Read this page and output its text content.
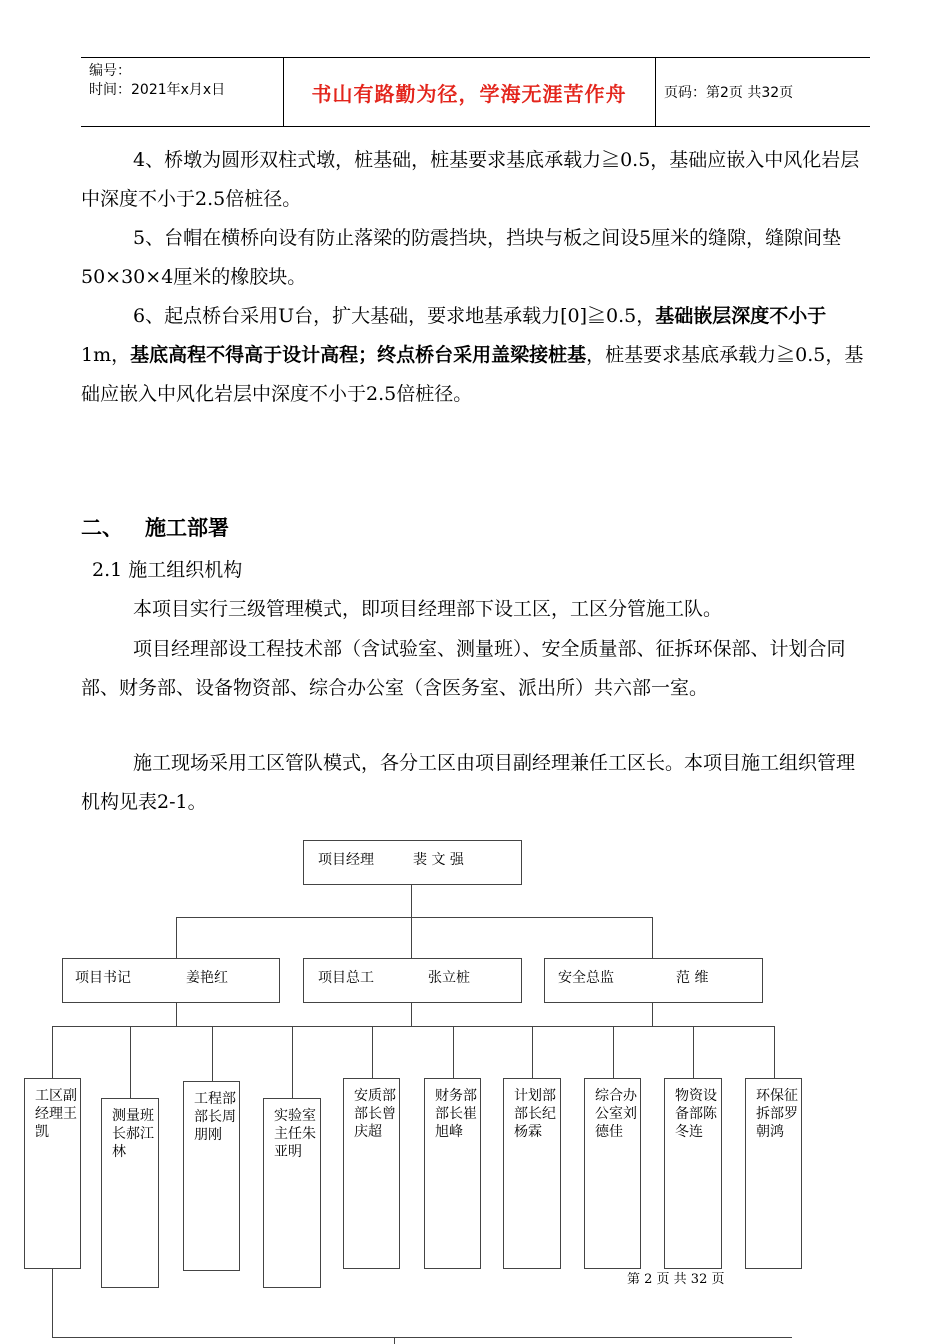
编号：
时间：2021年x月x日	书山有路勤为径，学海无涯苦作舟	页码：第2页 共32页

4、桥墩为圆形双柱式墩，桩基础，桩基要求基底承载力≧0.5，基础应嵌入中风化岩层中深度不小于2.5倍桩径。

5、台帽在横桥向设有防止落梁的防震挡块，挡块与板之间设5厘米的缝隙，缝隙间垫50×30×4厘米的橡胶块。

6、起点桥台采用U台，扩大基础，要求地基承载力[0]≧0.5，基础嵌层深度不小于1m，基底高程不得高于设计高程；终点桥台采用盖梁接桩基，桩基要求基底承载力≧0.5，基础应嵌入中风化岩层中深度不小于2.5倍桩径。

二、 施工部署
2.1 施工组织机构

本项目实行三级管理模式，即项目经理部下设工区，工区分管施工队。

项目经理部设工程技术部（含试验室、测量班）、安全质量部、征拆环保部、计划合同部、财务部、设备物资部、综合办公室（含医务室、派出所）共六部一室。

施工现场采用工区管队模式，各分工区由项目副经理兼任工区长。本项目施工组织管理机构见表2-1。

项目经理	裴 文 强
项目书记	姜艳红	项目总工	张立桩	安全总监	范 维
工区副经理王凯
测量班长郝江林
工程部部长周朋刚
实验室主任朱亚明
安质部部长曾庆超
财务部部长崔旭峰
计划部部长纪杨霖
综合办公室刘德佳
物资设备部陈冬连
环保征拆部罗朝鸿
第 2 页 共 32 页
